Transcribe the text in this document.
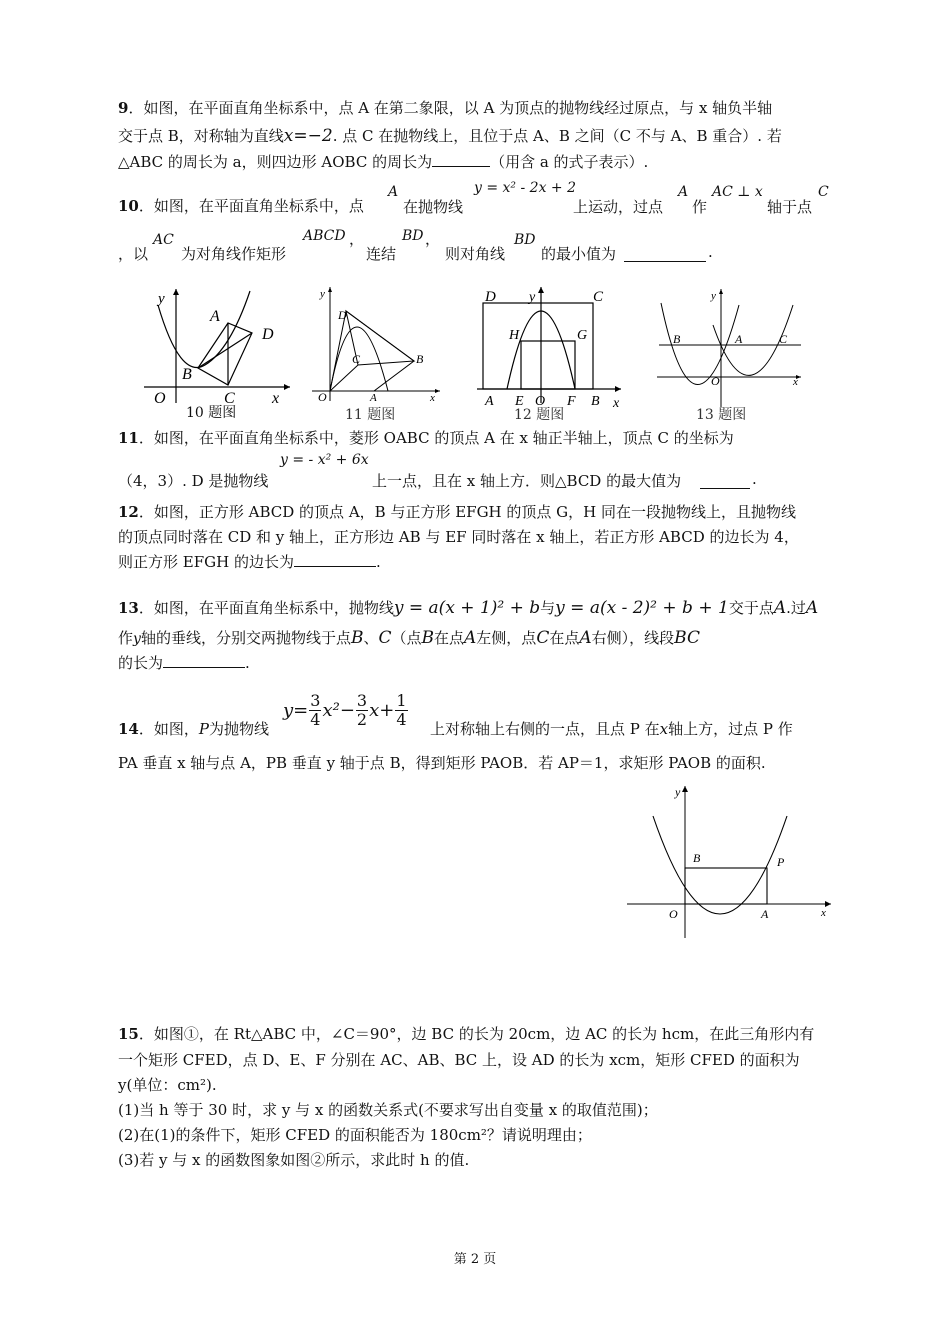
9．如图，在平面直角坐标系中，点 A 在第二象限，以 A 为顶点的抛物线经过原点，与 x 轴负半轴
交于点 B，对称轴为直线x=−2. 点 C 在抛物线上，且位于点 A、B 之间（C 不与 A、B 重合）. 若
△ABC 的周长为 a，则四边形 AOBC 的周长为	（用含 a 的式子表示）.
10．如图，在平面直角坐标系中，点
A
在抛物线
y = x² - 2x + 2
上运动，过点
A
作
AC ⊥ x
轴于点
C
，以
AC
为对角线作矩形
ABCD ，
连结
BD ，
则对角线
BD
的最小值为	.
y
A
D
B
O	C x
10 题图
y
D
C	B
O	A	x
11 题图
D	C
y
H	G
A E O F B x
12 题图
y
B	A	C
O	x
13 题图
11．如图，在平面直角坐标系中，菱形 OABC 的顶点 A 在 x 轴正半轴上，顶点 C 的坐标为
y = - x² + 6x
（4，3）. D 是抛物线	上一点，且在 x 轴上方．则△BCD 的最大值为	.
12．如图，正方形 ABCD 的顶点 A，B 与正方形 EFGH 的顶点 G，H 同在一段抛物线上，且抛物线
的顶点同时落在 CD 和 y 轴上，正方形边 AB 与 EF 同时落在 x 轴上，若正方形 ABCD 的边长为 4，
则正方形 EFGH 的边长为	.
13．如图，在平面直角坐标系中，抛物线y = a(x + 1)² + b与y = a(x - 2)² + b + 1交于点A.过A
作y轴的垂线，分别交两抛物线于点B、C（点B在点A左侧，点C在点A右侧），线段BC
的长为	.
$y= \frac{3}{4} x^2- \frac{3}{2} x+ \frac{1}{4}$
14．如图，P为抛物线	上对称轴上右侧的一点，且点 P 在x轴上方，过点 P 作
PA 垂直 x 轴与点 A，PB 垂直 y 轴于点 B，得到矩形 PAOB．若 AP＝1，求矩形 PAOB 的面积.
y
B	P
O	A	x
15．如图①，在 Rt△ABC 中，∠C＝90°，边 BC 的长为 20cm，边 AC 的长为 hcm，在此三角形内有
一个矩形 CFED，点 D、E、F 分别在 AC、AB、BC 上，设 AD 的长为 xcm，矩形 CFED 的面积为
y(单位：cm²).
(1)当 h 等于 30 时，求 y 与 x 的函数关系式(不要求写出自变量 x 的取值范围)；
(2)在(1)的条件下，矩形 CFED 的面积能否为 180cm²？请说明理由；
(3)若 y 与 x 的函数图象如图②所示，求此时 h 的值.
第 2 页
